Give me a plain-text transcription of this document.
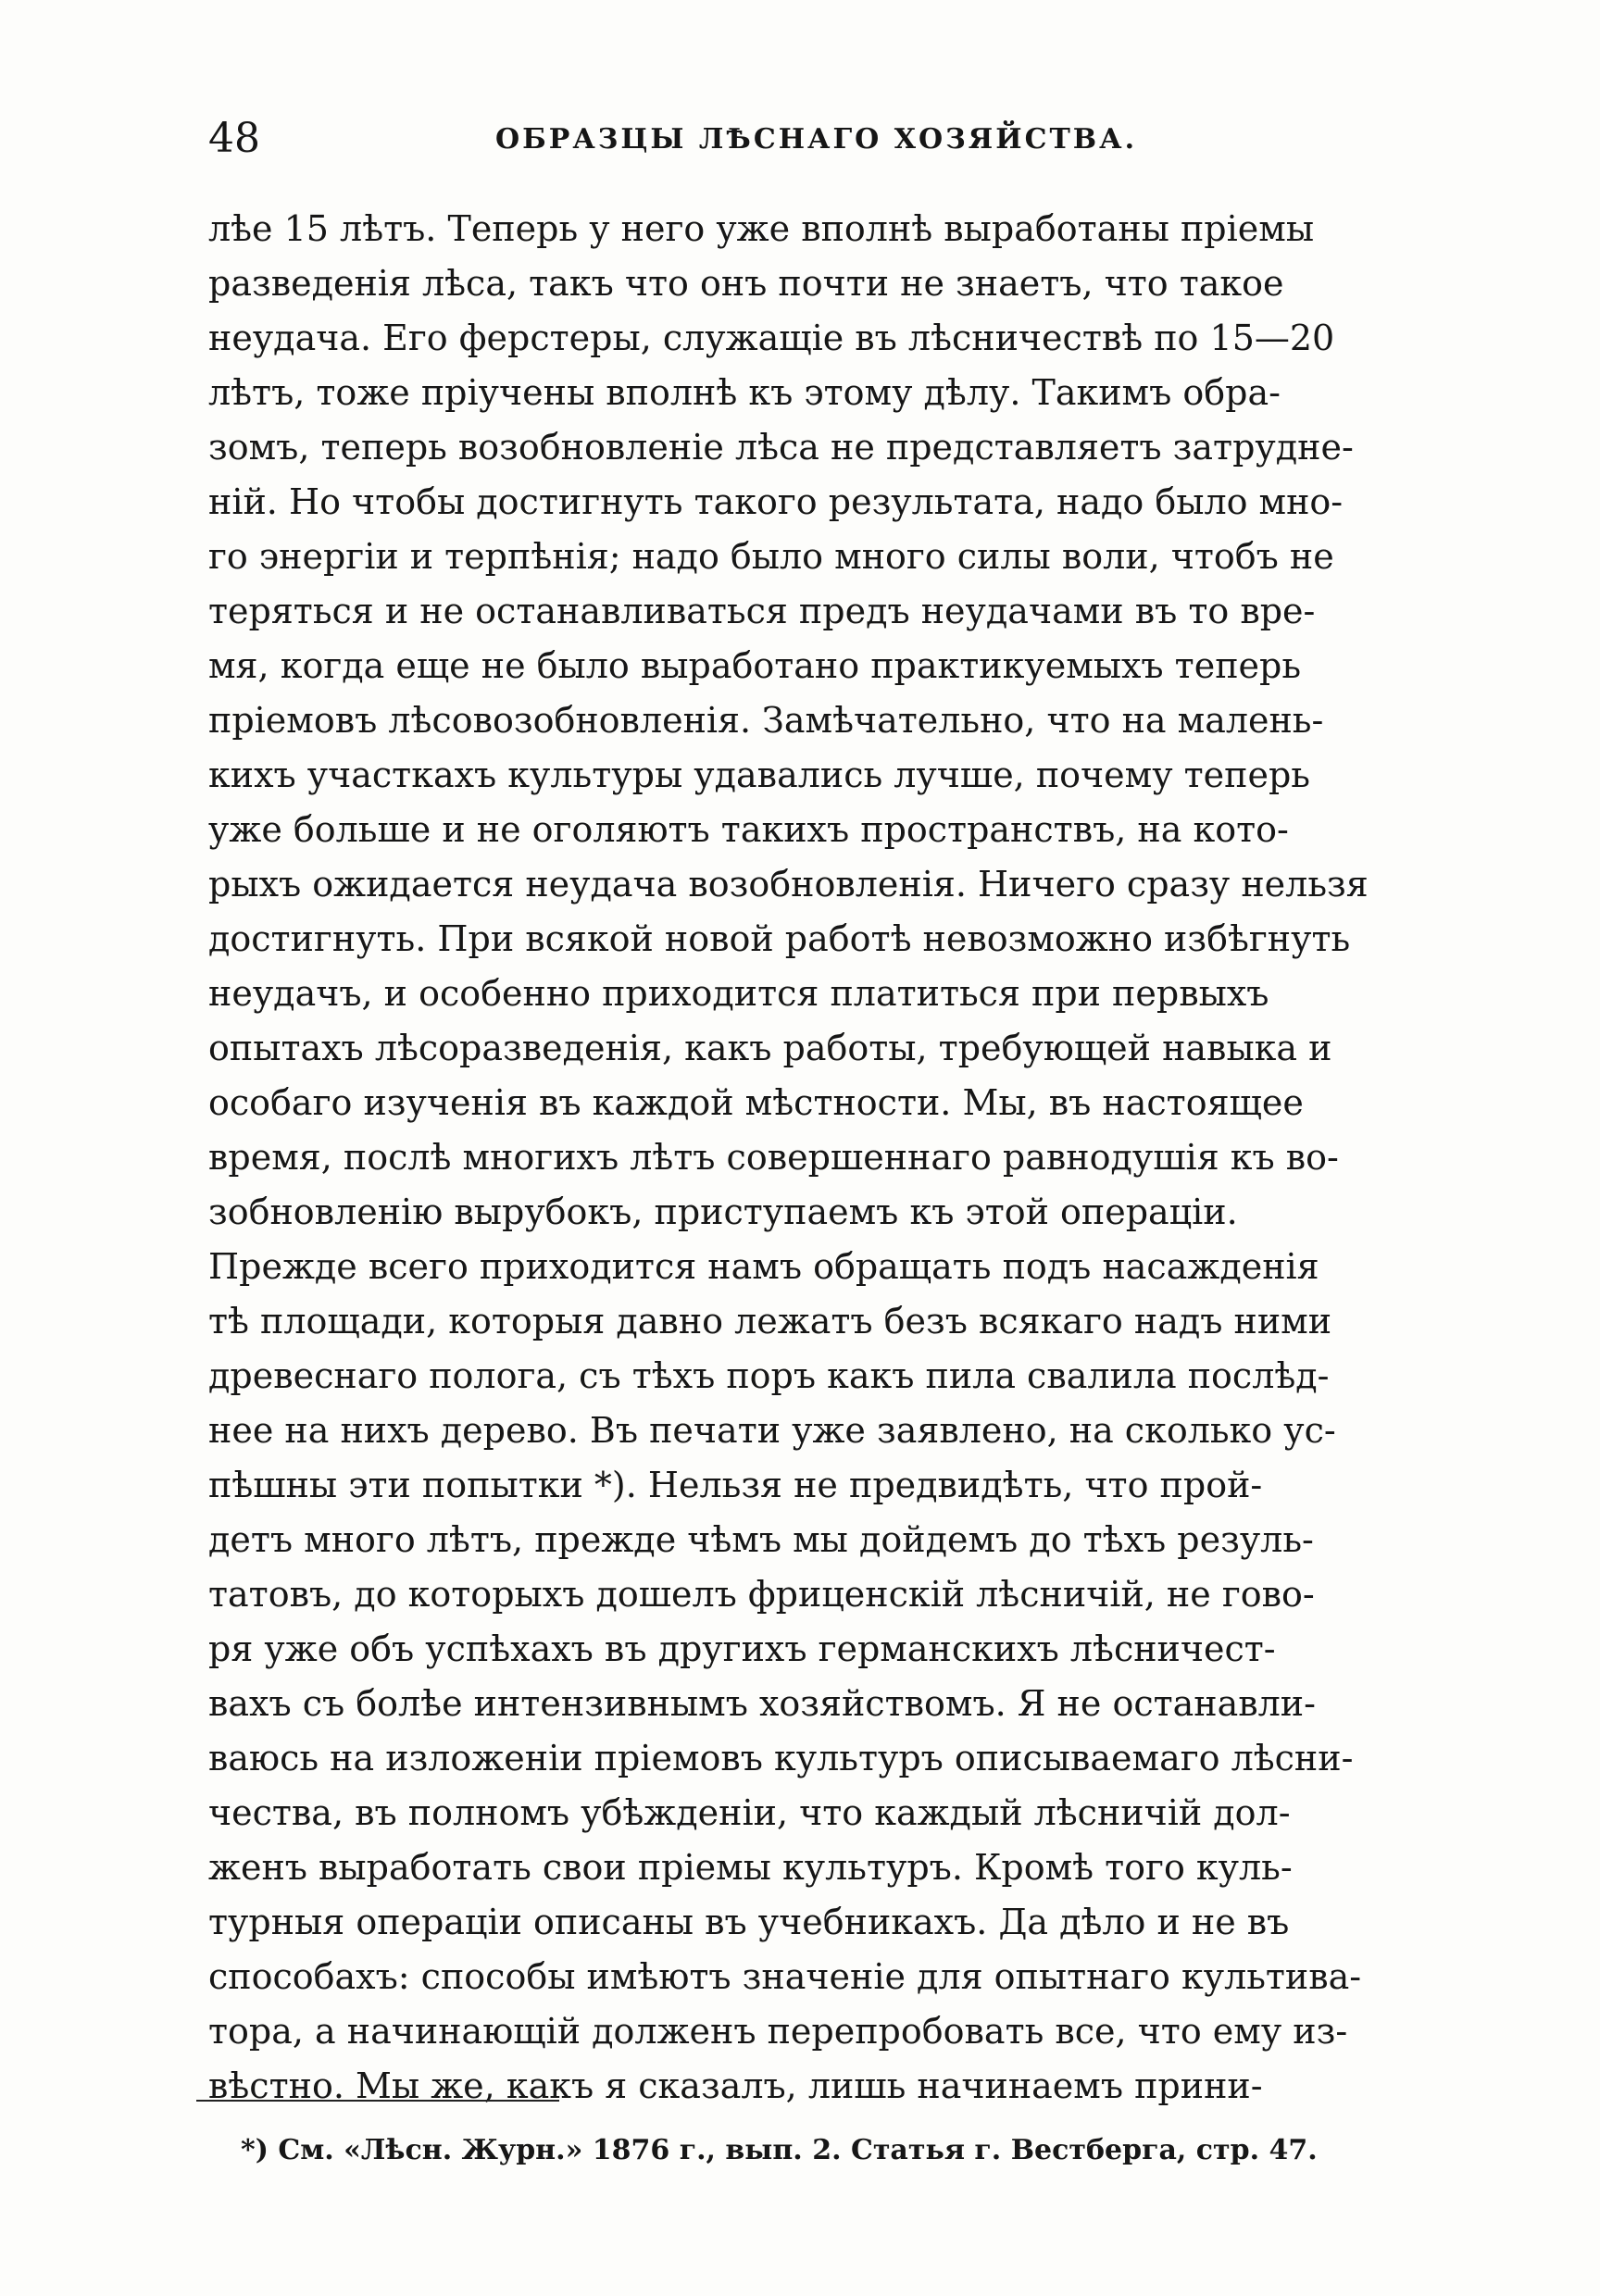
48	ОБРАЗЦЫ ЛѢСНАГО ХОЗЯЙСТВА.
лѣе 15 лѣтъ. Теперь у него уже вполнѣ выработаны пріемы
разведенія лѣса, такъ что онъ почти не знаетъ, что такое
неудача. Его ферстеры, служащіе въ лѣсничествѣ по 15—20
лѣтъ, тоже пріучены вполнѣ къ этому дѣлу. Такимъ обра-
зомъ, теперь возобновленіе лѣса не представляетъ затрудне-
ній. Но чтобы достигнуть такого результата, надо было мно-
го энергіи и терпѣнія; надо было много силы воли, чтобъ не
теряться и не останавливаться предъ неудачами въ то вре-
мя, когда еще не было выработано практикуемыхъ теперь
пріемовъ лѣсовозобновленія. Замѣчательно, что на малень-
кихъ участкахъ культуры удавались лучше, почему теперь
уже больше и не оголяютъ такихъ пространствъ, на кото-
рыхъ ожидается неудача возобновленія. Ничего сразу нельзя
достигнуть. При всякой новой работѣ невозможно избѣгнуть
неудачъ, и особенно приходится платиться при первыхъ
опытахъ лѣсоразведенія, какъ работы, требующей навыка и
особаго изученія въ каждой мѣстности. Мы, въ настоящее
время, послѣ многихъ лѣтъ совершеннаго равнодушія къ во-
зобновленію вырубокъ, приступаемъ къ этой операціи.
Прежде всего приходится намъ обращать подъ насажденія
тѣ площади, которыя давно лежатъ безъ всякаго надъ ними
древеснаго полога, съ тѣхъ поръ какъ пила свалила послѣд-
нее на нихъ дерево. Въ печати уже заявлено, на сколько ус-
пѣшны эти попытки *). Нельзя не предвидѣть, что прой-
детъ много лѣтъ, прежде чѣмъ мы дойдемъ до тѣхъ резуль-
татовъ, до которыхъ дошелъ фриценскій лѣсничій, не гово-
ря уже объ успѣхахъ въ другихъ германскихъ лѣсничест-
вахъ съ болѣе интензивнымъ хозяйствомъ. Я не останавли-
ваюсь на изложеніи пріемовъ культуръ описываемаго лѣсни-
чества, въ полномъ убѣжденіи, что каждый лѣсничій дол-
женъ выработать свои пріемы культуръ. Кромѣ того куль-
турныя операціи описаны въ учебникахъ. Да дѣло и не въ
способахъ: способы имѣютъ значеніе для опытнаго культива-
тора, а начинающій долженъ перепробовать все, что ему из-
вѣстно. Мы же, какъ я сказалъ, лишь начинаемъ прини-
*) См. «Лѣсн. Журн.» 1876 г., вып. 2. Статья г. Вестберга, стр. 47.
